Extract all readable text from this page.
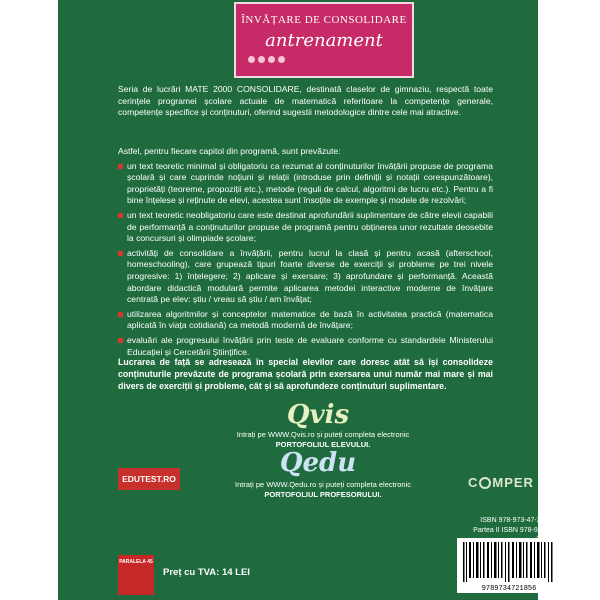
ÎNVĂȚARE DE CONSOLIDARE
antrenament
Seria de lucrări MATE 2000 CONSOLIDARE, destinată claselor de gimnaziu, respectă toate cerințele programei școlare actuale de matematică referitoare la competențe generale, competențe specifice și conținuturi, oferind sugestii metodologice dintre cele mai atractive.
Astfel, pentru fiecare capitol din programă, sunt prevăzute:
un text teoretic minimal și obligatoriu ca rezumat al conținuturilor învățării propuse de programa școlară și care cuprinde noțiuni și relații (introduse prin definiții și notații corespunzătoare), proprietăți (teoreme, propoziții etc.), metode (reguli de calcul, algoritmi de lucru etc.). Pentru a fi bine înțelese și reținute de elevi, acestea sunt însoțite de exemple și modele de rezolvări;
un text teoretic neobligatoriu care este destinat aprofundării suplimentare de către elevii capabili de performanță a conținuturilor propuse de programă pentru obținerea unor rezultate deosebite la concursuri și olimpiade școlare;
activități de consolidare a învățării, pentru lucrul la clasă și pentru acasă (afterschool, homeschooling), care grupează tipuri foarte diverse de exerciții și probleme pe trei nivele progresive: 1) înțelegere; 2) aplicare și exersare; 3) aprofundare și performanță. Această abordare didactică modulară permite aplicarea metodei interactive moderne de învățare centrată pe elev: știu / vreau să știu / am învățat;
utilizarea algoritmilor și conceptelor matematice de bază în activitatea practică (matematica aplicată în viața cotidiană) ca metodă modernă de învățare;
evaluări ale progresului învățării prin teste de evaluare conforme cu standardele Ministerului Educației și Cercetării Științifice.
Lucrarea de față se adresează în special elevilor care doresc atât să își consolideze conținuturile prevăzute de programa școlară prin exersarea unui număr mai mare și mai divers de exerciții și probleme, cât și să aprofundeze conținuturi suplimentare.
Qvis
Intrați pe WWW.Qvis.ro și puteți completa electronic
PORTOFOLIUL ELEVULUI.
Qedu
Intrați pe WWW.Qedu.ro și puteți completa electronic
PORTOFOLIUL PROFESORULUI.
EDUTEST.RO	C MPER
ISBN 978-973-47-2118-4
Partea II ISBN 978-973-47-
9789734721856
PARALELA 45
Preț cu TVA: 14 LEI
